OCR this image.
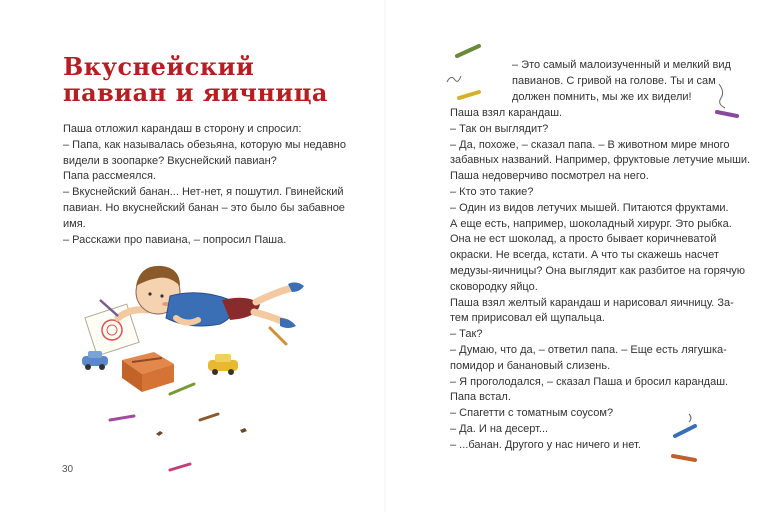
Вкуснейский
павиан и яичница

Паша отложил карандаш в сторону и спросил:

– Папа, как называлась обезьяна, которую мы недавно

видели в зоопарке? Вкуснейский павиан?

Папа рассмеялся.

– Вкуснейский банан... Нет-нет, я пошутил. Гвинейский

павиан. Но вкуснейский банан – это было бы забавное

имя.

– Расскажи про павиана, – попросил Паша.

30

– Это самый малоизученный и мелкий вид

павианов. С гривой на голове. Ты и сам

должен помнить, мы же их видели!

Паша взял карандаш.

– Так он выглядит?

– Да, похоже, – сказал папа. – В животном мире много

забавных названий. Например, фруктовые летучие мыши.

Паша недоверчиво посмотрел на него.

– Кто это такие?

– Один из видов летучих мышей. Питаются фруктами.

А еще есть, например, шоколадный хирург. Это рыбка.

Она не ест шоколад, а просто бывает коричневатой

окраски. Не всегда, кстати. А что ты скажешь насчет

медузы-яичницы? Она выглядит как разбитое на горячую

сковородку яйцо.

Паша взял желтый карандаш и нарисовал яичницу. За-

тем пририсовал ей щупальца.

– Так?

– Думаю, что да, – ответил папа. – Еще есть лягушка-

помидор и банановый слизень.

– Я проголодался, – сказал Паша и бросил карандаш.

Папа встал.

– Спагетти с томатным соусом?

– Да. И на десерт...

– ...банан. Другого у нас ничего и нет.
